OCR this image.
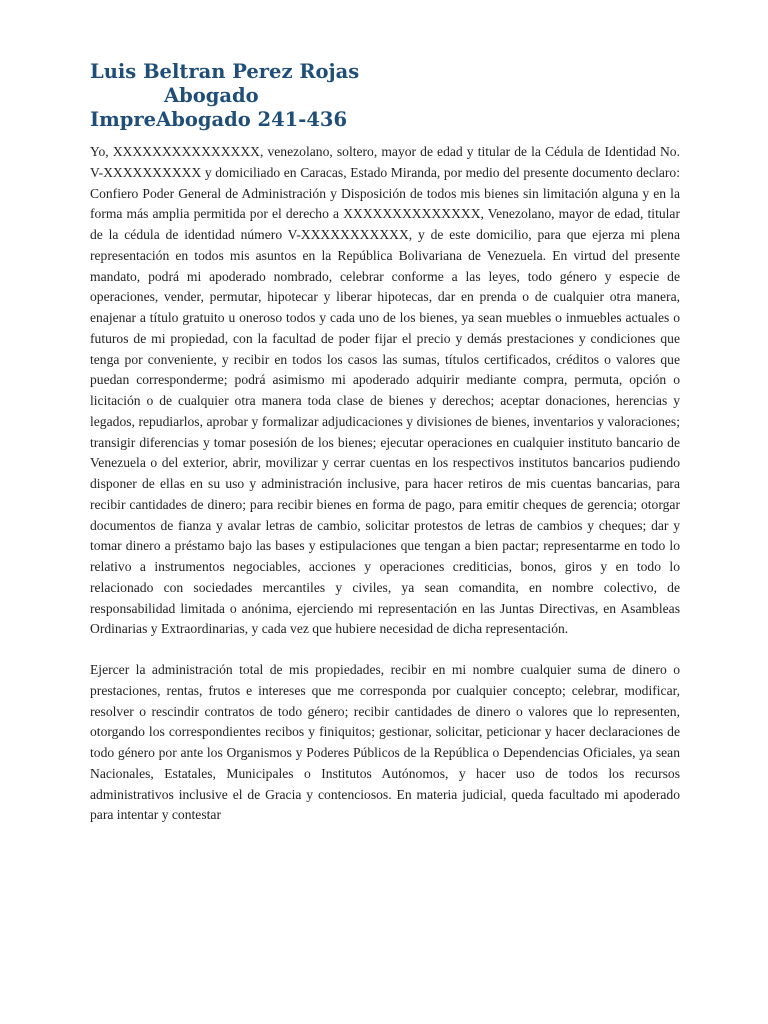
Luis Beltran Perez Rojas
Abogado
ImpreAbogado 241-436

Yo, XXXXXXXXXXXXXXX, venezolano, soltero, mayor de edad y titular de la Cédula de Identidad No. V-XXXXXXXXXX y domiciliado en Caracas, Estado Miranda, por medio del presente documento declaro: Confiero Poder General de Administración y Disposición de todos mis bienes sin limitación alguna y en la forma más amplia permitida por el derecho a XXXXXXXXXXXXXX, Venezolano, mayor de edad, titular de la cédula de identidad número V-XXXXXXXXXXX, y de este domicilio, para que ejerza mi plena representación en todos mis asuntos en la República Bolivariana de Venezuela. En virtud del presente mandato, podrá mi apoderado nombrado, celebrar conforme a las leyes, todo género y especie de operaciones, vender, permutar, hipotecar y liberar hipotecas, dar en prenda o de cualquier otra manera, enajenar a título gratuito u oneroso todos y cada uno de los bienes, ya sean muebles o inmuebles actuales o futuros de mi propiedad, con la facultad de poder fijar el precio y demás prestaciones y condiciones que tenga por conveniente, y recibir en todos los casos las sumas, títulos certificados, créditos o valores que puedan corresponderme; podrá asimismo mi apoderado adquirir mediante compra, permuta, opción o licitación o de cualquier otra manera toda clase de bienes y derechos; aceptar donaciones, herencias y legados, repudiarlos, aprobar y formalizar adjudicaciones y divisiones de bienes, inventarios y valoraciones; transigir diferencias y tomar posesión de los bienes; ejecutar operaciones en cualquier instituto bancario de Venezuela o del exterior, abrir, movilizar y cerrar cuentas en los respectivos institutos bancarios pudiendo disponer de ellas en su uso y administración inclusive, para hacer retiros de mis cuentas bancarias, para recibir cantidades de dinero; para recibir bienes en forma de pago, para emitir cheques de gerencia; otorgar documentos de fianza y avalar letras de cambio, solicitar protestos de letras de cambios y cheques; dar y tomar dinero a préstamo bajo las bases y estipulaciones que tengan a bien pactar; representarme en todo lo relativo a instrumentos negociables, acciones y operaciones crediticias, bonos, giros y en todo lo relacionado con sociedades mercantiles y civiles, ya sean comandita, en nombre colectivo, de responsabilidad limitada o anónima, ejerciendo mi representación en las Juntas Directivas, en Asambleas Ordinarias y Extraordinarias, y cada vez que hubiere necesidad de dicha representación.

Ejercer la administración total de mis propiedades, recibir en mi nombre cualquier suma de dinero o prestaciones, rentas, frutos e intereses que me corresponda por cualquier concepto; celebrar, modificar, resolver o rescindir contratos de todo género; recibir cantidades de dinero o valores que lo representen, otorgando los correspondientes recibos y finiquitos; gestionar, solicitar, peticionar y hacer declaraciones de todo género por ante los Organismos y Poderes Públicos de la República o Dependencias Oficiales, ya sean Nacionales, Estatales, Municipales o Institutos Autónomos, y hacer uso de todos los recursos administrativos inclusive el de Gracia y contenciosos. En materia judicial, queda facultado mi apoderado para intentar y contestar
